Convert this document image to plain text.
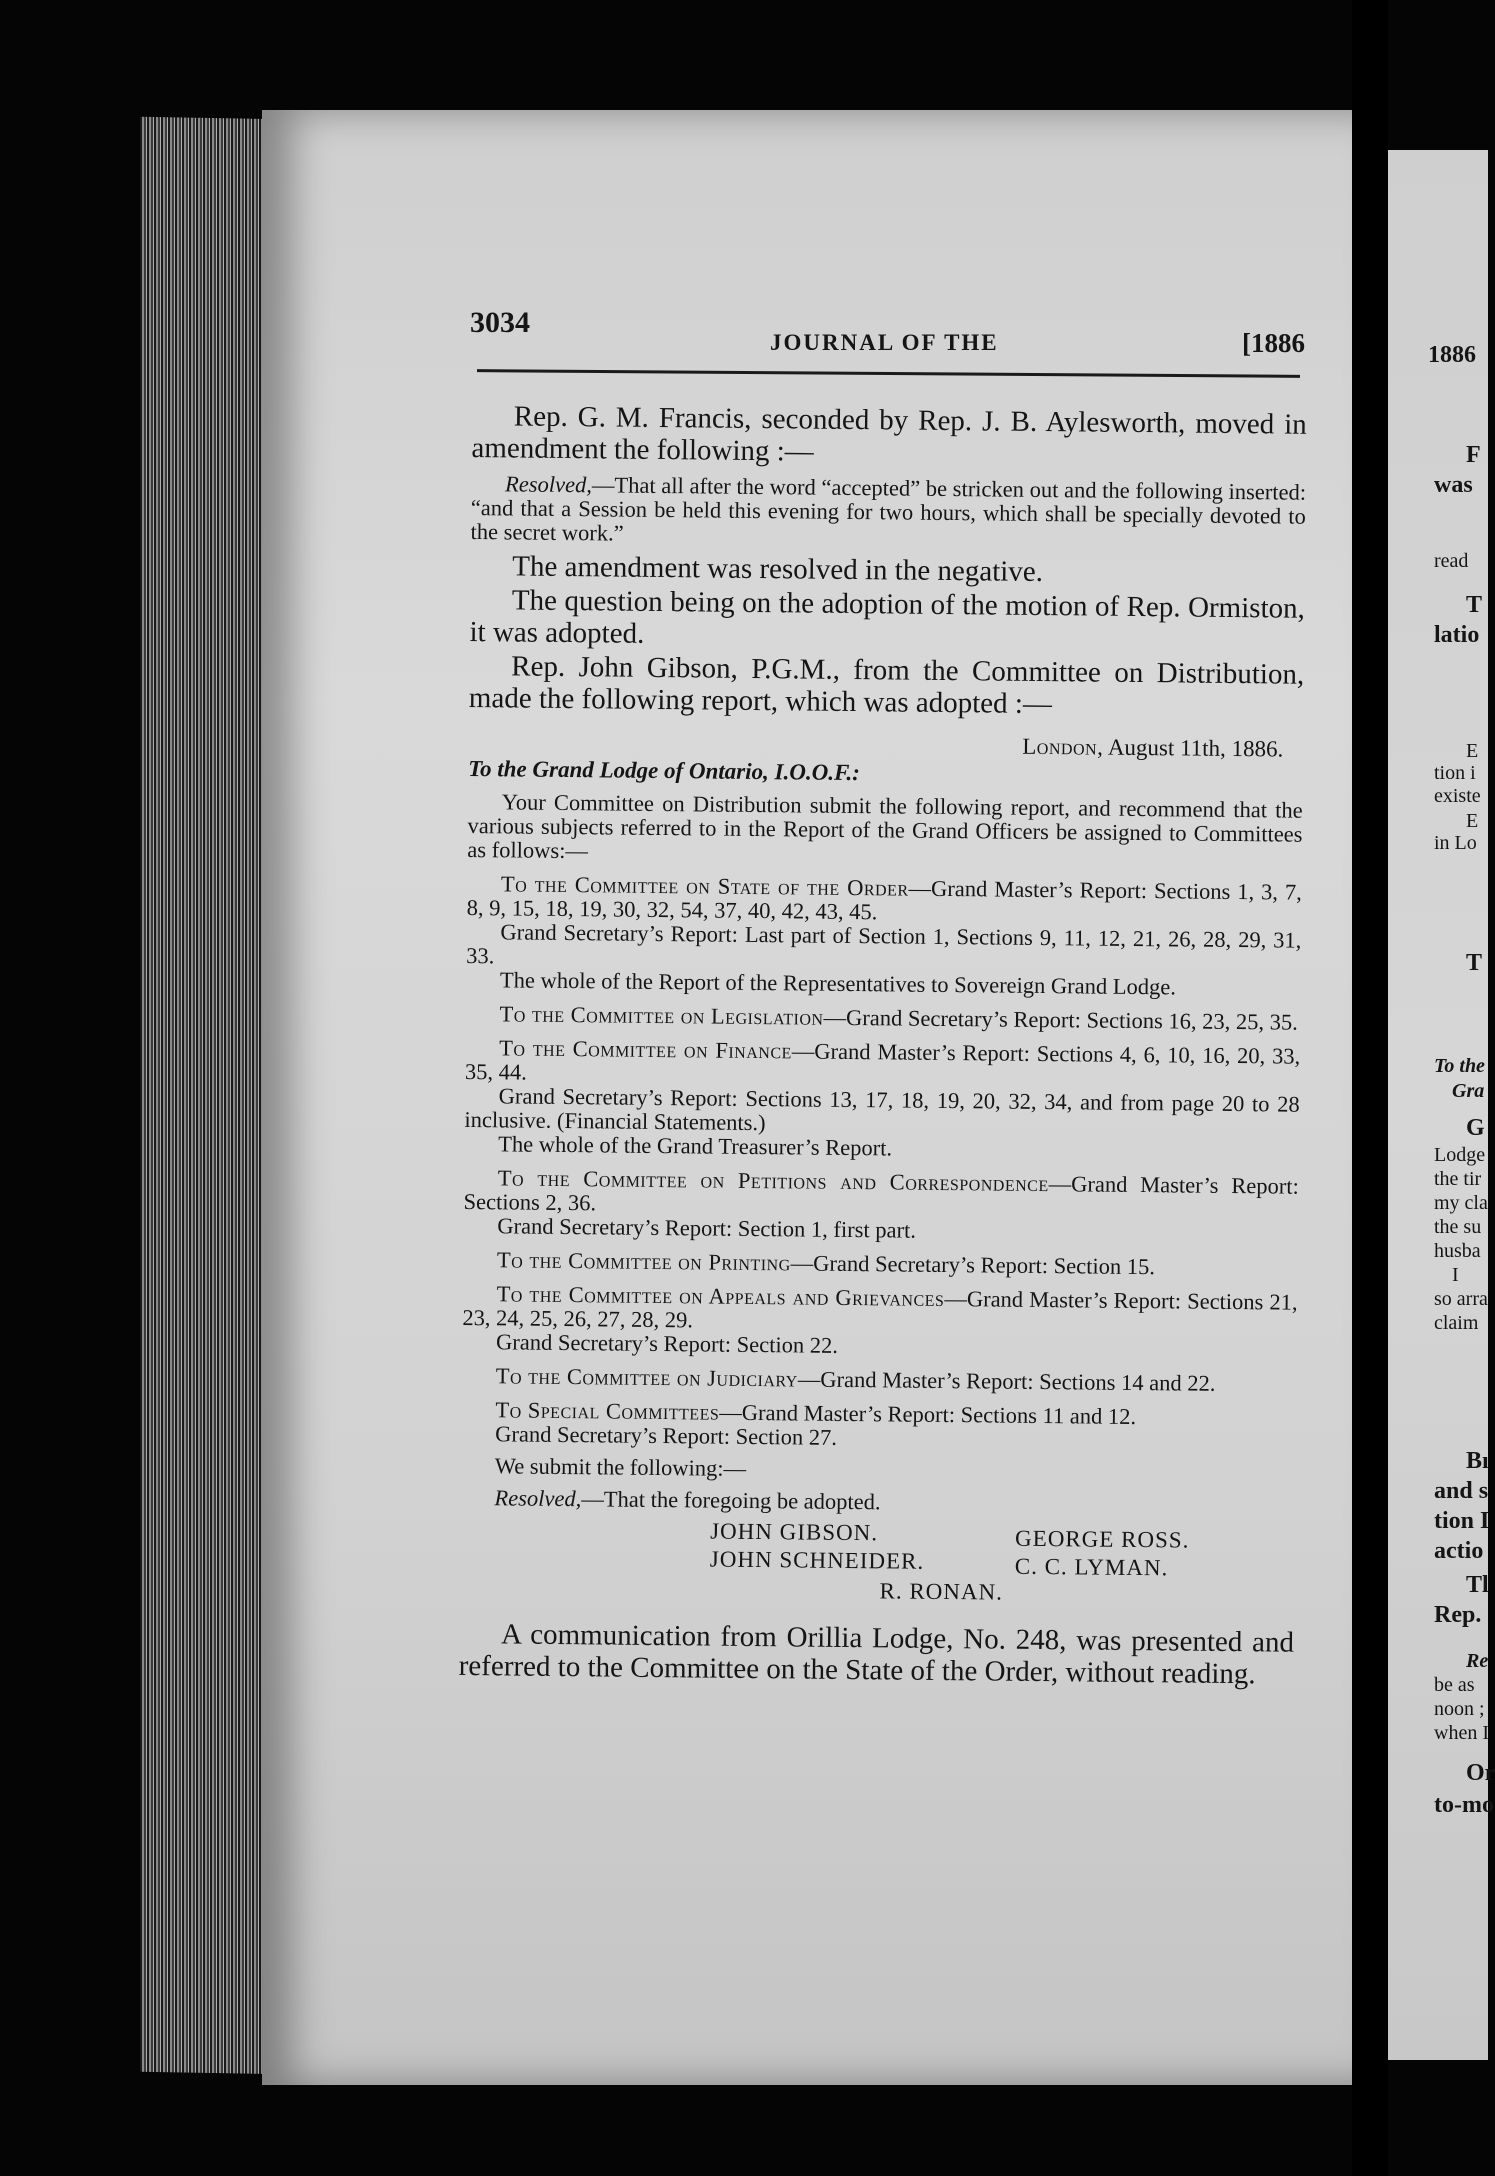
3034
JOURNAL OF THE	[1886

Rep. G. M. Francis, seconded by Rep. J. B. Aylesworth, moved in amendment the following :—

Resolved,—That all after the word “accepted” be stricken out and the following inserted: “and that a Session be held this evening for two hours, which shall be specially devoted to the secret work.”

The amendment was resolved in the negative.

The question being on the adoption of the motion of Rep. Ormiston, it was adopted.

Rep. John Gibson, P.G.M., from the Committee on Distribution, made the following report, which was adopted :—

London, August 11th, 1886.
To the Grand Lodge of Ontario, I.O.O.F.:

Your Committee on Distribution submit the following report, and recommend that the various subjects referred to in the Report of the Grand Officers be assigned to Committees as follows:—

To the Committee on State of the Order—Grand Master’s Report: Sections 1, 3, 7, 8, 9, 15, 18, 19, 30, 32, 54, 37, 40, 42, 43, 45.

Grand Secretary’s Report: Last part of Section 1, Sections 9, 11, 12, 21, 26, 28, 29, 31, 33.

The whole of the Report of the Representatives to Sovereign Grand Lodge.

To the Committee on Legislation—Grand Secretary’s Report: Sections 16, 23, 25, 35.

To the Committee on Finance—Grand Master’s Report: Sections 4, 6, 10, 16, 20, 33, 35, 44.

Grand Secretary’s Report: Sections 13, 17, 18, 19, 20, 32, 34, and from page 20 to 28 inclusive. (Financial Statements.)

The whole of the Grand Treasurer’s Report.

To the Committee on Petitions and Correspondence—Grand Master’s Report: Sections 2, 36.

Grand Secretary’s Report: Section 1, first part.

To the Committee on Printing—Grand Secretary’s Report: Section 15.

To the Committee on Appeals and Grievances—Grand Master’s Report: Sections 21, 23, 24, 25, 26, 27, 28, 29.

Grand Secretary’s Report: Section 22.

To the Committee on Judiciary—Grand Master’s Report: Sections 14 and 22.

To Special Committees—Grand Master’s Report: Sections 11 and 12.

Grand Secretary’s Report: Section 27.

We submit the following:—

Resolved,—That the foregoing be adopted.

JOHN GIBSON.	GEORGE ROSS.
JOHN SCHNEIDER.	C. C. LYMAN.
R. RONAN.

A communication from Orillia Lodge, No. 248, was presented and referred to the Committee on the State of the Order, without reading.

1886
F
was
read
T
latio
E
tion i
existe
E
in Lo
T
To the
Gra
G
Lodge
the tir
my cla
the su
husba
I
so arra
claim
Bı
and s
tion I
actio
Tl
Rep.
Re
be as
noon ;
when I
Or
to-mo
